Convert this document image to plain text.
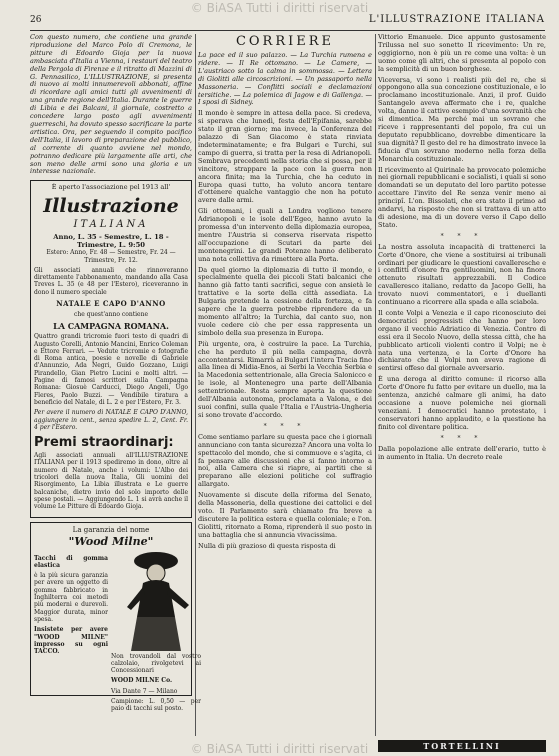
© BiASA Tutti i diritti riservati
26	L'ILLUSTRAZIONE ITALIANA

Con questo numero, che contiene una grande riproduzione del Marco Polo di Cremona, le pitture di Edoardo Gioja per la nuova ambasciata d'Italia a Vienna, i restauri del teatro della Pergola di Firenze e il ritratto di Mazzini di G. Pennasilico, L'ILLUSTRAZIONE, si presenta di nuovo ai molti innumerevoli abbonati, affine di ricordare agli amici tutti gli avvenimenti di una grande regione dell'Italia. Durante le guerre di Libia e dei Balcani, il giornale, costretto a concedere largo posto agli avvenimenti guerreschi, ha dovuto spesso sacrificare la parte artistica. Ora, per seguendo il compito pacifico dell'Italia, il lavoro di preparazione del pubblico, al corrente di quanto avviene nel mondo, potranno dedicare più largamente alle arti, che son meno delle armi sono una gloria e un interesse nazionale.

È aperto l'associazione pel 1913 all'

Illustrazione
ITALIANA

Anno, L. 35 - Semestre, L. 18 - Trimestre, L. 9:50

Estero: Anno, Fr. 48 — Semestre, Fr. 24 — Trimestre, Fr. 12.

Gli associati annuali che rinnoveranno direttamente l'abbonamento, mandando alla Casa Treves L. 35 (e 48 per l'Estero), riceveranno in dono il numero speciale

NATALE E CAPO D'ANNO

che quest'anno contiene

LA CAMPAGNA ROMANA.

Quattro grandi tricromie fuori testo di quadri di Augusto Corelli, Antonio Mancini, Enrico Coleman e Ettore Ferrari. — Vedute tricromie e fotografie di Roma antica, poesie e novelle di Gabriele d'Annunzio, Ada Negri, Guido Gozzano, Luigi Pirandello, Gian Pietro Lucini e molti altri. — Pagine di famosi scrittori sulla Campagna Romana: Giosuè Carducci, Diego Angeli, Ugo Fleres, Paolo Buzzi. — Vendibile tiratura a beneficio del Natale, di L. 2 e per l'Estero, Fr. 3.

Per avere il numero di NATALE E CAPO D'ANNO, aggiungere in cent., senza spedire L. 2, Cent. Fr. 4 per l'Estero.

Premi straordinarj:

Agli associati annuali all'ILLUSTRAZIONE ITALIANA per il 1913 spediremo in dono, oltre al numero di Natale, anche i volumi: L'Albo dei tricolori della nuova Italia, Gli uomini del Risorgimento, La Libia illustrata e Le guerre balcaniche, dietro invio del solo importo delle spese postali. — Aggiungendo L. 1 si avrà anche il volume Le Pitture di Edoardo Gioja.

La garanzia del nome
"Wood Milne"

Tacchi di gomma elastica

è la più sicura garanzia per avere un oggetto di gomma fabbricato in Inghilterra coi metodi più moderni e durevoli. Maggior durata, minor spesa.

Insistete per avere "WOOD MILNE" impresso su ogni TACCO.

Non trovandoli dal vostro calzolaio, rivolgetevi ai Concessionari

WOOD MILNE Co.

Via Dante 7 — Milano

Campione: L. 0,50 — per paio di tacchi sul posto.

CORRIERE

La pace ed il suo palazzo. — La Turchia rumena e ridere. — Il Re ottomano. — Le Camere, — L'austriaco sotto la calma in sommossa. — Lettera di Giolitti alle circoscrizioni. — Un passaporto nella Massoneria. — Conflitti sociali e declamazioni tersitiche. — La polemica di Jagow e di Gallenga. — I sposi di Sidney.

Il mondo è sempre in attesa della pace. Si credeva, si sperava che lunedì, festa dell'Epifania, sarebbe stato il gran giorno; ma invece, la Conferenza del palazzo di San Giacomo è stata rinviata indeterminatamente; e fra Bulgari e Turchi, sul campo di guerra, si tratta per la resa di Adrianopoli. Sembrava precedenti nella storia che si possa, per il vincitore, strappare la pace con la guerra non ancora finita; ma la Turchia, che ha ceduto in Europa quasi tutto, ha voluto ancora tentare d'ottenere qualche vantaggio che non ha potuto avere dalle armi.

Gli ottomani, i quali a Londra vogliono tenere Adrianopoli e le isole dell'Egeo, hanno avuto la promessa d'un intervento della diplomazia europea, mentre l'Austria si conserva riservata rispetto all'occupazione di Scutari da parte dei montenegrini. Le grandi Potenze hanno deliberato una nota collettiva da rimettere alla Porta.

Da quel giorno la diplomazia di tutto il mondo, e specialmente quella dei piccoli Stati balcanici che hanno già fatto tanti sacrifici, segue con ansietà le trattative e la sorte della città assediata. La Bulgaria pretende la cessione della fortezza, e fa sapere che la guerra potrebbe riprendere da un momento all'altro; la Turchia, dal canto suo, non vuole cedere ciò che per essa rappresenta un simbolo della sua presenza in Europa.

Più urgente, ora, è costruire la pace. La Turchia, che ha perduto il più nella campagna, dovrà accontentarsi. Rimarrà ai Bulgari l'intera Tracia fino alla linea di Midia-Enos, ai Serbi la Vecchia Serbia e la Macedonia settentrionale, alla Grecia Salonicco e le isole, al Montenegro una parte dell'Albania settentrionale. Resta sempre aperta la questione dell'Albania autonoma, proclamata a Valona, e dei suoi confini, sulla quale l'Italia e l'Austria-Ungheria si sono trovate d'accordo.

* * *

Come sentiamo parlare su questa pace che i giornali annunciano con tanta sicurezza? Ancora una volta lo spettacolo del mondo, che si commuove e s'agita, ci fa pensare alle discussioni che si fanno intorno a noi, alla Camera che si riapre, ai partiti che si preparano alle elezioni politiche col suffragio allargato.

Nuovamente si discute della riforma del Senato, della Massoneria, della questione dei cattolici e del voto. Il Parlamento sarà chiamato fra breve a discutere la politica estera e quella coloniale; e l'on. Giolitti, ritornato a Roma, riprenderà il suo posto in una battaglia che si annuncia vivacissima.

Nulla di più grazioso di questa risposta di

Vittorio Emanuele. Dice appunto gustosamente Trilussa nel suo sonetto Il ricevimento: Un re, oggigiorno, non è più un re come una volta: è un uomo come gli altri, che si presenta al popolo con la semplicità di un buon borghese.

Viceversa, vi sono i realisti più del re, che si oppongono alla sua concezione costituzionale, e lo proclamano incostituzionale. Anzi, il prof. Guido Santangelo aveva affermato che i re, qualche volta, danno il cattivo esempio d'una sovranità che si dimentica. Ma perché mai un sovrano che riceve i rappresentanti del popolo, fra cui un deputato repubblicano, dovrebbe dimenticare la sua dignità? Il gesto del re ha dimostrato invece la fiducia d'un sovrano moderno nella forza della Monarchia costituzionale.

Il ricevimento al Quirinale ha provocato polemiche nei giornali repubblicani e socialisti, i quali si sono domandati se un deputato del loro partito potesse accettare l'invito del Re senza venir meno ai principî. L'on. Bissolati, che era stato il primo ad andarvi, ha risposto che non si trattava di un atto di adesione, ma di un dovere verso il Capo dello Stato.

* * *

La nostra assoluta incapacità di trattenerci la Corte d'Onore, che viene a sostituirsi ai tribunali ordinari per giudicare le questioni cavalleresche e i conflitti d'onore fra gentiluomini, non ha finora ottenuto risultati apprezzabili. Il Codice cavalleresco italiano, redatto da Jacopo Gelli, ha trovato nuovi commentatori, e i duellanti continuano a ricorrere alla spada e alla sciabola.

Il conte Volpi a Venezia e il capo riconosciuto dei democratici progressisti che hanno per loro organo il vecchio Adriatico di Venezia. Contro di essi era il Secolo Nuovo, della stessa città, che ha pubblicato articoli violenti contro il Volpi; ne è nata una vertenza, e la Corte d'Onore ha dichiarato che il Volpi non aveva ragione di sentirsi offeso dal giornale avversario.

È una deroga al diritto comune: il ricorso alla Corte d'Onore fu fatto per evitare un duello, ma la sentenza, anziché calmare gli animi, ha dato occasione a nuove polemiche nei giornali veneziani. I democratici hanno protestato, i conservatori hanno applaudito, e la questione ha finito col diventare politica.

* * *

Dalla popolazione alle entrate dell'erario, tutto è in aumento in Italia. Un decreto reale

TORTELLINI
© BiASA Tutti i diritti riservati
